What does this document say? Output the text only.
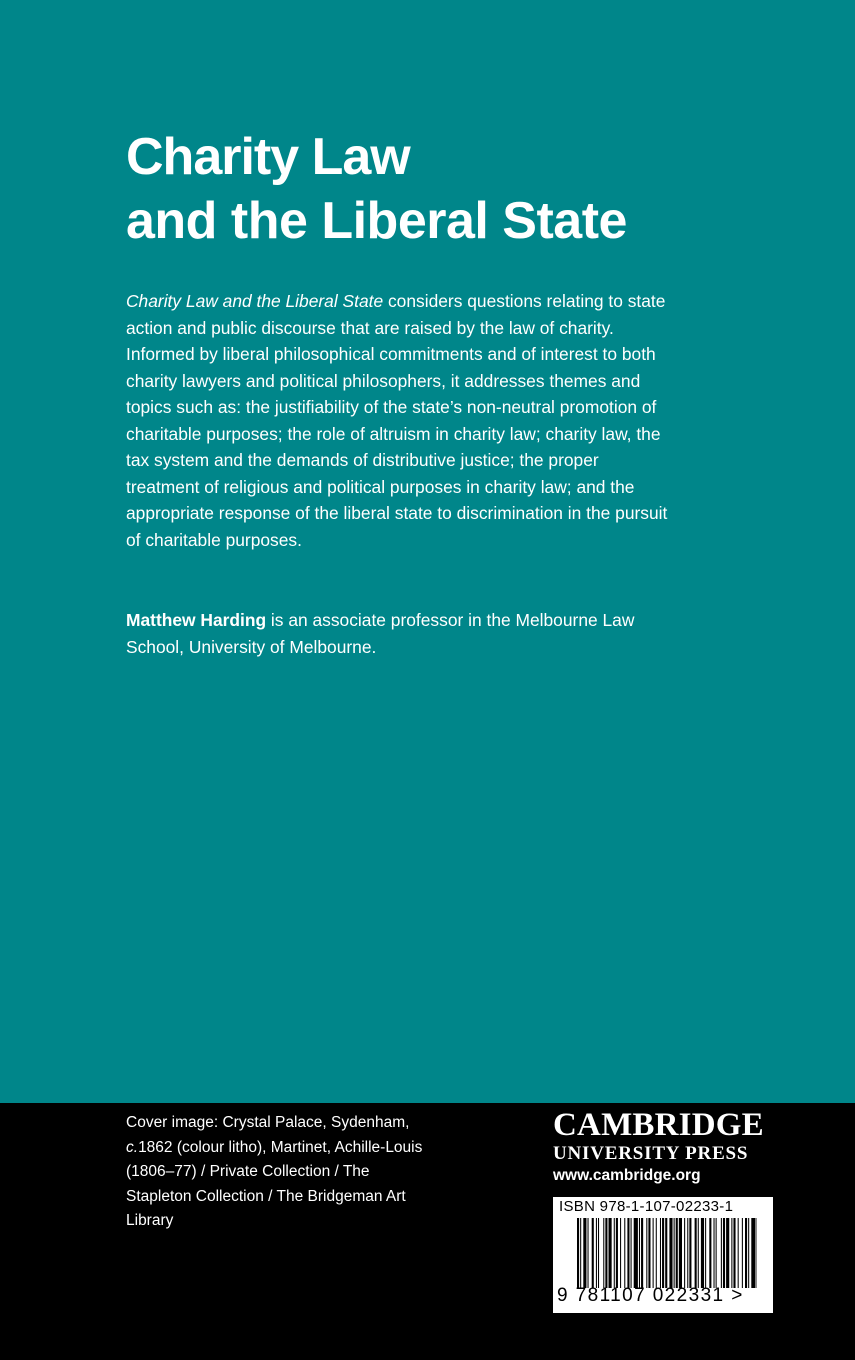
Charity Law
and the Liberal State

Charity Law and the Liberal State considers questions relating to state action and public discourse that are raised by the law of charity. Informed by liberal philosophical commitments and of interest to both charity lawyers and political philosophers, it addresses themes and topics such as: the justifiability of the state’s non-neutral promotion of charitable purposes; the role of altruism in charity law; charity law, the tax system and the demands of distributive justice; the proper treatment of religious and political purposes in charity law; and the appropriate response of the liberal state to discrimination in the pursuit of charitable purposes.

Matthew Harding is an associate professor in the Melbourne Law School, University of Melbourne.

Cover image: Crystal Palace, Sydenham, c.1862 (colour litho), Martinet, Achille-Louis (1806–77) / Private Collection / The Stapleton Collection / The Bridgeman Art Library

CAMBRIDGE
UNIVERSITY PRESS
www.cambridge.org
ISBN 978-1-107-02233-1
9 781107 022331 >
